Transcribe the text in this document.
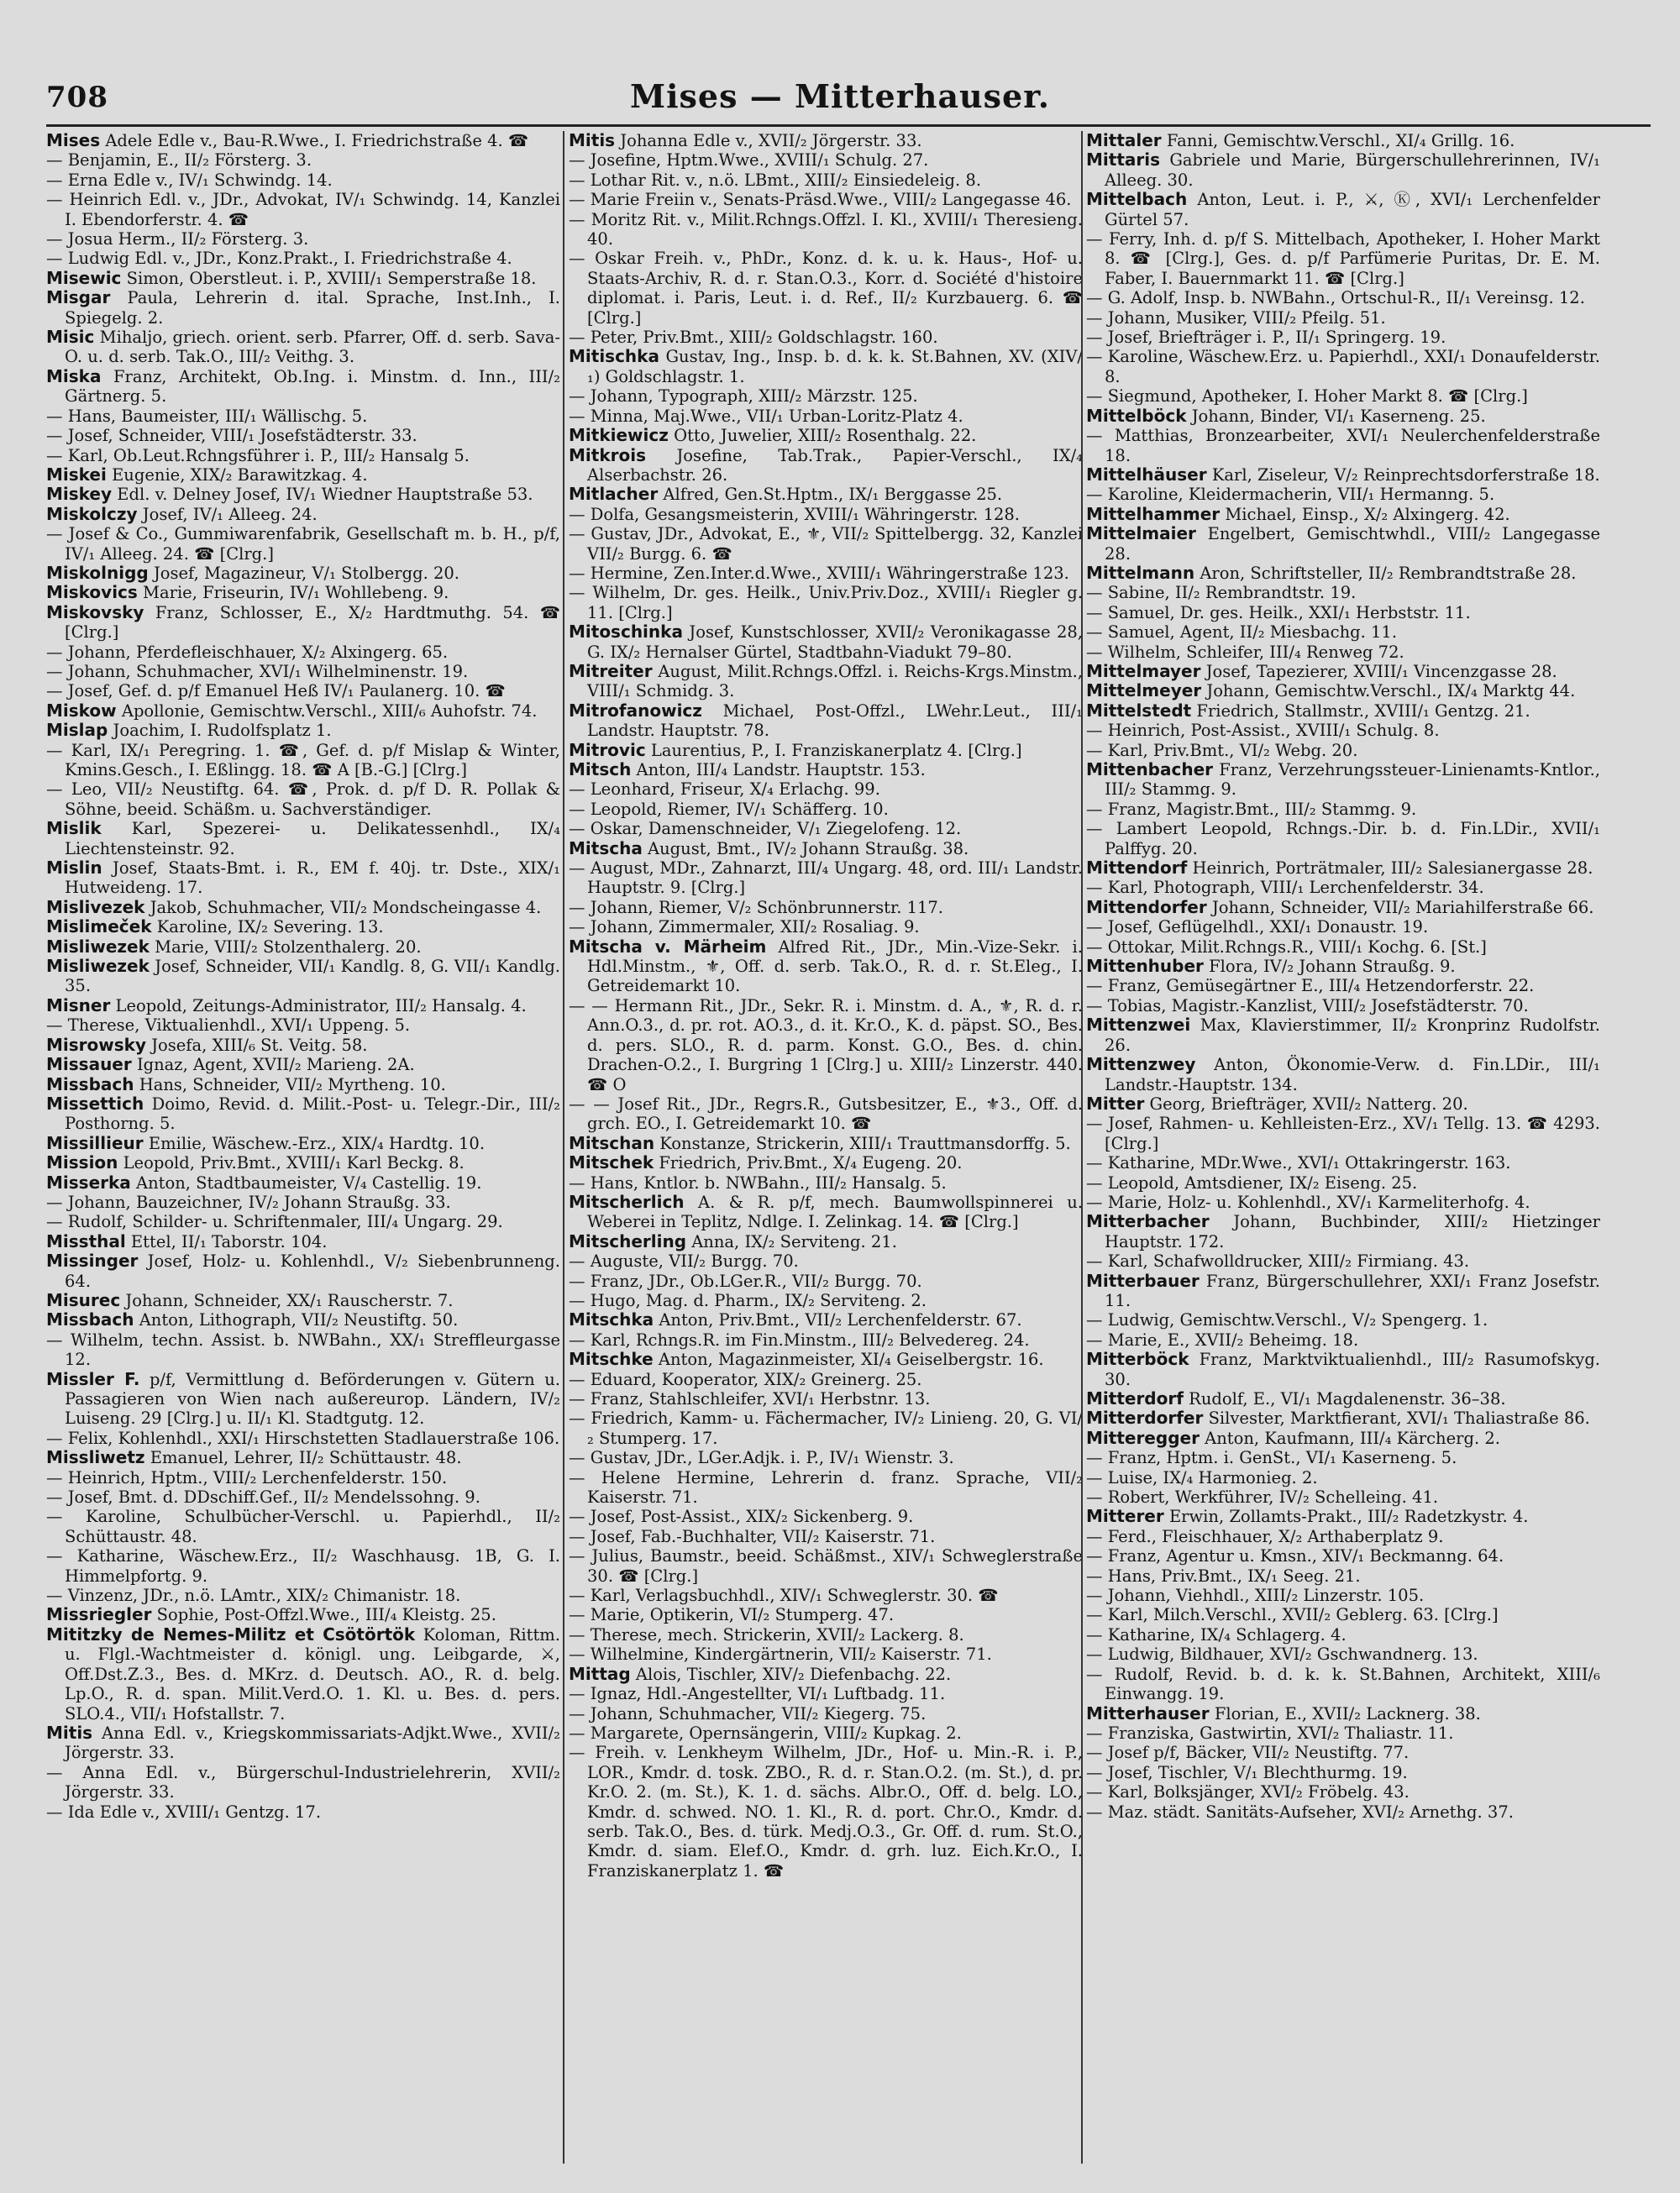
708	Mises — Mitterhauser.

Mises Adele Edle v., Bau-R.Wwe., I. Friedrichstraße 4. ☎

— Benjamin, E., II/₂ Försterg. 3.

— Erna Edle v., IV/₁ Schwindg. 14.

— Heinrich Edl. v., JDr., Advokat, IV/₁ Schwindg. 14, Kanzlei I. Ebendorferstr. 4. ☎

— Josua Herm., II/₂ Försterg. 3.

— Ludwig Edl. v., JDr., Konz.Prakt., I. Friedrichstraße 4.

Misewic Simon, Oberstleut. i. P., XVIII/₁ Semperstraße 18.

Misgar Paula, Lehrerin d. ital. Sprache, Inst.Inh., I. Spiegelg. 2.

Misic Mihaljo, griech. orient. serb. Pfarrer, Off. d. serb. Sava-O. u. d. serb. Tak.O., III/₂ Veithg. 3.

Miska Franz, Architekt, Ob.Ing. i. Minstm. d. Inn., III/₂ Gärtnerg. 5.

— Hans, Baumeister, III/₁ Wällischg. 5.

— Josef, Schneider, VIII/₁ Josefstädterstr. 33.

— Karl, Ob.Leut.Rchngsführer i. P., III/₂ Hansalg 5.

Miskei Eugenie, XIX/₂ Barawitzkag. 4.

Miskey Edl. v. Delney Josef, IV/₁ Wiedner Hauptstraße 53.

Miskolczy Josef, IV/₁ Alleeg. 24.

— Josef & Co., Gummiwarenfabrik, Gesellschaft m. b. H., p/f, IV/₁ Alleeg. 24. ☎ [Clrg.]

Miskolnigg Josef, Magazineur, V/₁ Stolbergg. 20.

Miskovics Marie, Friseurin, IV/₁ Wohllebeng. 9.

Miskovsky Franz, Schlosser, E., X/₂ Hardtmuthg. 54. ☎ [Clrg.]

— Johann, Pferdefleischhauer, X/₂ Alxingerg. 65.

— Johann, Schuhmacher, XVI/₁ Wilhelminenstr. 19.

— Josef, Gef. d. p/f Emanuel Heß IV/₁ Paulanerg. 10. ☎

Miskow Apollonie, Gemischtw.Verschl., XIII/₆ Auhofstr. 74.

Mislap Joachim, I. Rudolfsplatz 1.

— Karl, IX/₁ Peregring. 1. ☎, Gef. d. p/f Mislap & Winter, Kmins.Gesch., I. Eßlingg. 18. ☎ A [B.-G.] [Clrg.]

— Leo, VII/₂ Neustiftg. 64. ☎, Prok. d. p/f D. R. Pollak & Söhne, beeid. Schäßm. u. Sachverständiger.

Mislik Karl, Spezerei- u. Delikatessenhdl., IX/₄ Liechtensteinstr. 92.

Mislin Josef, Staats-Bmt. i. R., EM f. 40j. tr. Dste., XIX/₁ Hutweideng. 17.

Mislivezek Jakob, Schuhmacher, VII/₂ Mondscheingasse 4.

Mislimeček Karoline, IX/₂ Severing. 13.

Misliwezek Marie, VIII/₂ Stolzenthalerg. 20.

Misliwezek Josef, Schneider, VII/₁ Kandlg. 8, G. VII/₁ Kandlg. 35.

Misner Leopold, Zeitungs-Administrator, III/₂ Hansalg. 4.

— Therese, Viktualienhdl., XVI/₁ Uppeng. 5.

Misrowsky Josefa, XIII/₆ St. Veitg. 58.

Missauer Ignaz, Agent, XVII/₂ Marieng. 2A.

Missbach Hans, Schneider, VII/₂ Myrtheng. 10.

Missettich Doimo, Revid. d. Milit.-Post- u. Telegr.-Dir., III/₂ Posthorng. 5.

Missillieur Emilie, Wäschew.-Erz., XIX/₄ Hardtg. 10.

Mission Leopold, Priv.Bmt., XVIII/₁ Karl Beckg. 8.

Misserka Anton, Stadtbaumeister, V/₄ Castellig. 19.

— Johann, Bauzeichner, IV/₂ Johann Straußg. 33.

— Rudolf, Schilder- u. Schriftenmaler, III/₄ Ungarg. 29.

Missthal Ettel, II/₁ Taborstr. 104.

Missinger Josef, Holz- u. Kohlenhdl., V/₂ Siebenbrunneng. 64.

Misurec Johann, Schneider, XX/₁ Rauscherstr. 7.

Missbach Anton, Lithograph, VII/₂ Neustiftg. 50.

— Wilhelm, techn. Assist. b. NWBahn., XX/₁ Streffleurgasse 12.

Missler F. p/f, Vermittlung d. Beförderungen v. Gütern u. Passagieren von Wien nach außereurop. Ländern, IV/₂ Luiseng. 29 [Clrg.] u. II/₁ Kl. Stadtgutg. 12.

— Felix, Kohlenhdl., XXI/₁ Hirschstetten Stadlauerstraße 106.

Missliwetz Emanuel, Lehrer, II/₂ Schüttaustr. 48.

— Heinrich, Hptm., VIII/₂ Lerchenfelderstr. 150.

— Josef, Bmt. d. DDschiff.Gef., II/₂ Mendelssohng. 9.

— Karoline, Schulbücher-Verschl. u. Papierhdl., II/₂ Schüttaustr. 48.

— Katharine, Wäschew.Erz., II/₂ Waschhausg. 1B, G. I. Himmelpfortg. 9.

— Vinzenz, JDr., n.ö. LAmtr., XIX/₂ Chimanistr. 18.

Missriegler Sophie, Post-Offzl.Wwe., III/₄ Kleistg. 25.

Mititzky de Nemes-Militz et Csötörtök Koloman, Rittm. u. Flgl.-Wachtmeister d. königl. ung. Leibgarde, ⚔, Off.Dst.Z.3., Bes. d. MKrz. d. Deutsch. AO., R. d. belg. Lp.O., R. d. span. Milit.Verd.O. 1. Kl. u. Bes. d. pers. SLO.4., VII/₁ Hofstallstr. 7.

Mitis Anna Edl. v., Kriegskommissariats-Adjkt.Wwe., XVII/₂ Jörgerstr. 33.

— Anna Edl. v., Bürgerschul-Industrielehrerin, XVII/₂ Jörgerstr. 33.

— Ida Edle v., XVIII/₁ Gentzg. 17.

Mitis Johanna Edle v., XVII/₂ Jörgerstr. 33.

— Josefine, Hptm.Wwe., XVIII/₁ Schulg. 27.

— Lothar Rit. v., n.ö. LBmt., XIII/₂ Einsiedeleig. 8.

— Marie Freiin v., Senats-Präsd.Wwe., VIII/₂ Langegasse 46.

— Moritz Rit. v., Milit.Rchngs.Offzl. I. Kl., XVIII/₁ Theresieng. 40.

— Oskar Freih. v., PhDr., Konz. d. k. u. k. Haus-, Hof- u. Staats-Archiv, R. d. r. Stan.O.3., Korr. d. Société d'histoire diplomat. i. Paris, Leut. i. d. Ref., II/₂ Kurzbauerg. 6. ☎ [Clrg.]

— Peter, Priv.Bmt., XIII/₂ Goldschlagstr. 160.

Mitischka Gustav, Ing., Insp. b. d. k. k. St.Bahnen, XV. (XIV/₁) Goldschlagstr. 1.

— Johann, Typograph, XIII/₂ Märzstr. 125.

— Minna, Maj.Wwe., VII/₁ Urban-Loritz-Platz 4.

Mitkiewicz Otto, Juwelier, XIII/₂ Rosenthalg. 22.

Mitkrois Josefine, Tab.Trak., Papier-Verschl., IX/₄ Alserbachstr. 26.

Mitlacher Alfred, Gen.St.Hptm., IX/₁ Berggasse 25.

— Dolfa, Gesangsmeisterin, XVIII/₁ Währingerstr. 128.

— Gustav, JDr., Advokat, E., ⚜, VII/₂ Spittelbergg. 32, Kanzlei VII/₂ Burgg. 6. ☎

— Hermine, Zen.Inter.d.Wwe., XVIII/₁ Währingerstraße 123.

— Wilhelm, Dr. ges. Heilk., Univ.Priv.Doz., XVIII/₁ Riegler g. 11. [Clrg.]

Mitoschinka Josef, Kunstschlosser, XVII/₂ Veronikagasse 28, G. IX/₂ Hernalser Gürtel, Stadtbahn-Viadukt 79–80.

Mitreiter August, Milit.Rchngs.Offzl. i. Reichs-Krgs.Minstm., VIII/₁ Schmidg. 3.

Mitrofanowicz Michael, Post-Offzl., LWehr.Leut., III/₁ Landstr. Hauptstr. 78.

Mitrovic Laurentius, P., I. Franziskanerplatz 4. [Clrg.]

Mitsch Anton, III/₄ Landstr. Hauptstr. 153.

— Leonhard, Friseur, X/₄ Erlachg. 99.

— Leopold, Riemer, IV/₁ Schäfferg. 10.

— Oskar, Damenschneider, V/₁ Ziegelofeng. 12.

Mitscha August, Bmt., IV/₂ Johann Straußg. 38.

— August, MDr., Zahnarzt, III/₄ Ungarg. 48, ord. III/₁ Landstr. Hauptstr. 9. [Clrg.]

— Johann, Riemer, V/₂ Schönbrunnerstr. 117.

— Johann, Zimmermaler, XII/₂ Rosaliag. 9.

Mitscha v. Märheim Alfred Rit., JDr., Min.-Vize-Sekr. i. Hdl.Minstm., ⚜, Off. d. serb. Tak.O., R. d. r. St.Eleg., I. Getreidemarkt 10.

— — Hermann Rit., JDr., Sekr. R. i. Minstm. d. A., ⚜, R. d. r. Ann.O.3., d. pr. rot. AO.3., d. it. Kr.O., K. d. päpst. SO., Bes. d. pers. SLO., R. d. parm. Konst. G.O., Bes. d. chin. Drachen-O.2., I. Burgring 1 [Clrg.] u. XIII/₂ Linzerstr. 440. ☎ O

— — Josef Rit., JDr., Regrs.R., Gutsbesitzer, E., ⚜3., Off. d. grch. EO., I. Getreidemarkt 10. ☎

Mitschan Konstanze, Strickerin, XIII/₁ Trauttmansdorffg. 5.

Mitschek Friedrich, Priv.Bmt., X/₄ Eugeng. 20.

— Hans, Kntlor. b. NWBahn., III/₂ Hansalg. 5.

Mitscherlich A. & R. p/f, mech. Baumwollspinnerei u. Weberei in Teplitz, Ndlge. I. Zelinkag. 14. ☎ [Clrg.]

Mitscherling Anna, IX/₂ Serviteng. 21.

— Auguste, VII/₂ Burgg. 70.

— Franz, JDr., Ob.LGer.R., VII/₂ Burgg. 70.

— Hugo, Mag. d. Pharm., IX/₂ Serviteng. 2.

Mitschka Anton, Priv.Bmt., VII/₂ Lerchenfelderstr. 67.

— Karl, Rchngs.R. im Fin.Minstm., III/₂ Belvedereg. 24.

Mitschke Anton, Magazinmeister, XI/₄ Geiselbergstr. 16.

— Eduard, Kooperator, XIX/₂ Greinerg. 25.

— Franz, Stahlschleifer, XVI/₁ Herbstnr. 13.

— Friedrich, Kamm- u. Fächermacher, IV/₂ Linieng. 20, G. VI/₂ Stumperg. 17.

— Gustav, JDr., LGer.Adjk. i. P., IV/₁ Wienstr. 3.

— Helene Hermine, Lehrerin d. franz. Sprache, VII/₂ Kaiserstr. 71.

— Josef, Post-Assist., XIX/₂ Sickenberg. 9.

— Josef, Fab.-Buchhalter, VII/₂ Kaiserstr. 71.

— Julius, Baumstr., beeid. Schäßmst., XIV/₁ Schweglerstraße 30. ☎ [Clrg.]

— Karl, Verlagsbuchhdl., XIV/₁ Schweglerstr. 30. ☎

— Marie, Optikerin, VI/₂ Stumperg. 47.

— Therese, mech. Strickerin, XVII/₂ Lackerg. 8.

— Wilhelmine, Kindergärtnerin, VII/₂ Kaiserstr. 71.

Mittag Alois, Tischler, XIV/₂ Diefenbachg. 22.

— Ignaz, Hdl.-Angestellter, VI/₁ Luftbadg. 11.

— Johann, Schuhmacher, VII/₂ Kiegerg. 75.

— Margarete, Opernsängerin, VIII/₂ Kupkag. 2.

— Freih. v. Lenkheym Wilhelm, JDr., Hof- u. Min.-R. i. P., LOR., Kmdr. d. tosk. ZBO., R. d. r. Stan.O.2. (m. St.), d. pr. Kr.O. 2. (m. St.), K. 1. d. sächs. Albr.O., Off. d. belg. LO., Kmdr. d. schwed. NO. 1. Kl., R. d. port. Chr.O., Kmdr. d. serb. Tak.O., Bes. d. türk. Medj.O.3., Gr. Off. d. rum. St.O., Kmdr. d. siam. Elef.O., Kmdr. d. grh. luz. Eich.Kr.O., I. Franziskanerplatz 1. ☎

Mittaler Fanni, Gemischtw.Verschl., XI/₄ Grillg. 16.

Mittaris Gabriele und Marie, Bürgerschullehrerinnen, IV/₁ Alleeg. 30.

Mittelbach Anton, Leut. i. P., ⚔, Ⓚ, XVI/₁ Lerchenfelder Gürtel 57.

— Ferry, Inh. d. p/f S. Mittelbach, Apotheker, I. Hoher Markt 8. ☎ [Clrg.], Ges. d. p/f Parfümerie Puritas, Dr. E. M. Faber, I. Bauernmarkt 11. ☎ [Clrg.]

— G. Adolf, Insp. b. NWBahn., Ortschul-R., II/₁ Vereinsg. 12.

— Johann, Musiker, VIII/₂ Pfeilg. 51.

— Josef, Briefträger i. P., II/₁ Springerg. 19.

— Karoline, Wäschew.Erz. u. Papierhdl., XXI/₁ Donaufelderstr. 8.

— Siegmund, Apotheker, I. Hoher Markt 8. ☎ [Clrg.]

Mittelböck Johann, Binder, VI/₁ Kaserneng. 25.

— Matthias, Bronzearbeiter, XVI/₁ Neulerchenfelderstraße 18.

Mittelhäuser Karl, Ziseleur, V/₂ Reinprechtsdorferstraße 18.

— Karoline, Kleidermacherin, VII/₁ Hermanng. 5.

Mittelhammer Michael, Einsp., X/₂ Alxingerg. 42.

Mittelmaier Engelbert, Gemischtwhdl., VIII/₂ Langegasse 28.

Mittelmann Aron, Schriftsteller, II/₂ Rembrandtstraße 28.

— Sabine, II/₂ Rembrandtstr. 19.

— Samuel, Dr. ges. Heilk., XXI/₁ Herbststr. 11.

— Samuel, Agent, II/₂ Miesbachg. 11.

— Wilhelm, Schleifer, III/₄ Renweg 72.

Mittelmayer Josef, Tapezierer, XVIII/₁ Vincenzgasse 28.

Mittelmeyer Johann, Gemischtw.Verschl., IX/₄ Marktg 44.

Mittelstedt Friedrich, Stallmstr., XVIII/₁ Gentzg. 21.

— Heinrich, Post-Assist., XVIII/₁ Schulg. 8.

— Karl, Priv.Bmt., VI/₂ Webg. 20.

Mittenbacher Franz, Verzehrungssteuer-Linienamts-Kntlor., III/₂ Stammg. 9.

— Franz, Magistr.Bmt., III/₂ Stammg. 9.

— Lambert Leopold, Rchngs.-Dir. b. d. Fin.LDir., XVII/₁ Palffyg. 20.

Mittendorf Heinrich, Porträtmaler, III/₂ Salesianergasse 28.

— Karl, Photograph, VIII/₁ Lerchenfelderstr. 34.

Mittendorfer Johann, Schneider, VII/₂ Mariahilferstraße 66.

— Josef, Geflügelhdl., XXI/₁ Donaustr. 19.

— Ottokar, Milit.Rchngs.R., VIII/₁ Kochg. 6. [St.]

Mittenhuber Flora, IV/₂ Johann Straußg. 9.

— Franz, Gemüsegärtner E., III/₄ Hetzendorferstr. 22.

— Tobias, Magistr.-Kanzlist, VIII/₂ Josefstädterstr. 70.

Mittenzwei Max, Klavierstimmer, II/₂ Kronprinz Rudolfstr. 26.

Mittenzwey Anton, Ökonomie-Verw. d. Fin.LDir., III/₁ Landstr.-Hauptstr. 134.

Mitter Georg, Briefträger, XVII/₂ Natterg. 20.

— Josef, Rahmen- u. Kehlleisten-Erz., XV/₁ Tellg. 13. ☎ 4293. [Clrg.]

— Katharine, MDr.Wwe., XVI/₁ Ottakringerstr. 163.

— Leopold, Amtsdiener, IX/₂ Eiseng. 25.

— Marie, Holz- u. Kohlenhdl., XV/₁ Karmeliterhofg. 4.

Mitterbacher Johann, Buchbinder, XIII/₂ Hietzinger Hauptstr. 172.

— Karl, Schafwolldrucker, XIII/₂ Firmiang. 43.

Mitterbauer Franz, Bürgerschullehrer, XXI/₁ Franz Josefstr. 11.

— Ludwig, Gemischtw.Verschl., V/₂ Spengerg. 1.

— Marie, E., XVII/₂ Beheimg. 18.

Mitterböck Franz, Marktviktualienhdl., III/₂ Rasumofskyg. 30.

Mitterdorf Rudolf, E., VI/₁ Magdalenenstr. 36–38.

Mitterdorfer Silvester, Marktfierant, XVI/₁ Thaliastraße 86.

Mitteregger Anton, Kaufmann, III/₄ Kärcherg. 2.

— Franz, Hptm. i. GenSt., VI/₁ Kaserneng. 5.

— Luise, IX/₄ Harmonieg. 2.

— Robert, Werkführer, IV/₂ Schelleing. 41.

Mitterer Erwin, Zollamts-Prakt., III/₂ Radetzkystr. 4.

— Ferd., Fleischhauer, X/₂ Arthaberplatz 9.

— Franz, Agentur u. Kmsn., XIV/₁ Beckmanng. 64.

— Hans, Priv.Bmt., IX/₁ Seeg. 21.

— Johann, Viehhdl., XIII/₂ Linzerstr. 105.

— Karl, Milch.Verschl., XVII/₂ Geblerg. 63. [Clrg.]

— Katharine, IX/₄ Schlagerg. 4.

— Ludwig, Bildhauer, XVI/₂ Gschwandnerg. 13.

— Rudolf, Revid. b. d. k. k. St.Bahnen, Architekt, XIII/₆ Einwangg. 19.

Mitterhauser Florian, E., XVII/₂ Lacknerg. 38.

— Franziska, Gastwirtin, XVI/₂ Thaliastr. 11.

— Josef p/f, Bäcker, VII/₂ Neustiftg. 77.

— Josef, Tischler, V/₁ Blechthurmg. 19.

— Karl, Bolksjänger, XVI/₂ Fröbelg. 43.

— Maz. städt. Sanitäts-Aufseher, XVI/₂ Arnethg. 37.
